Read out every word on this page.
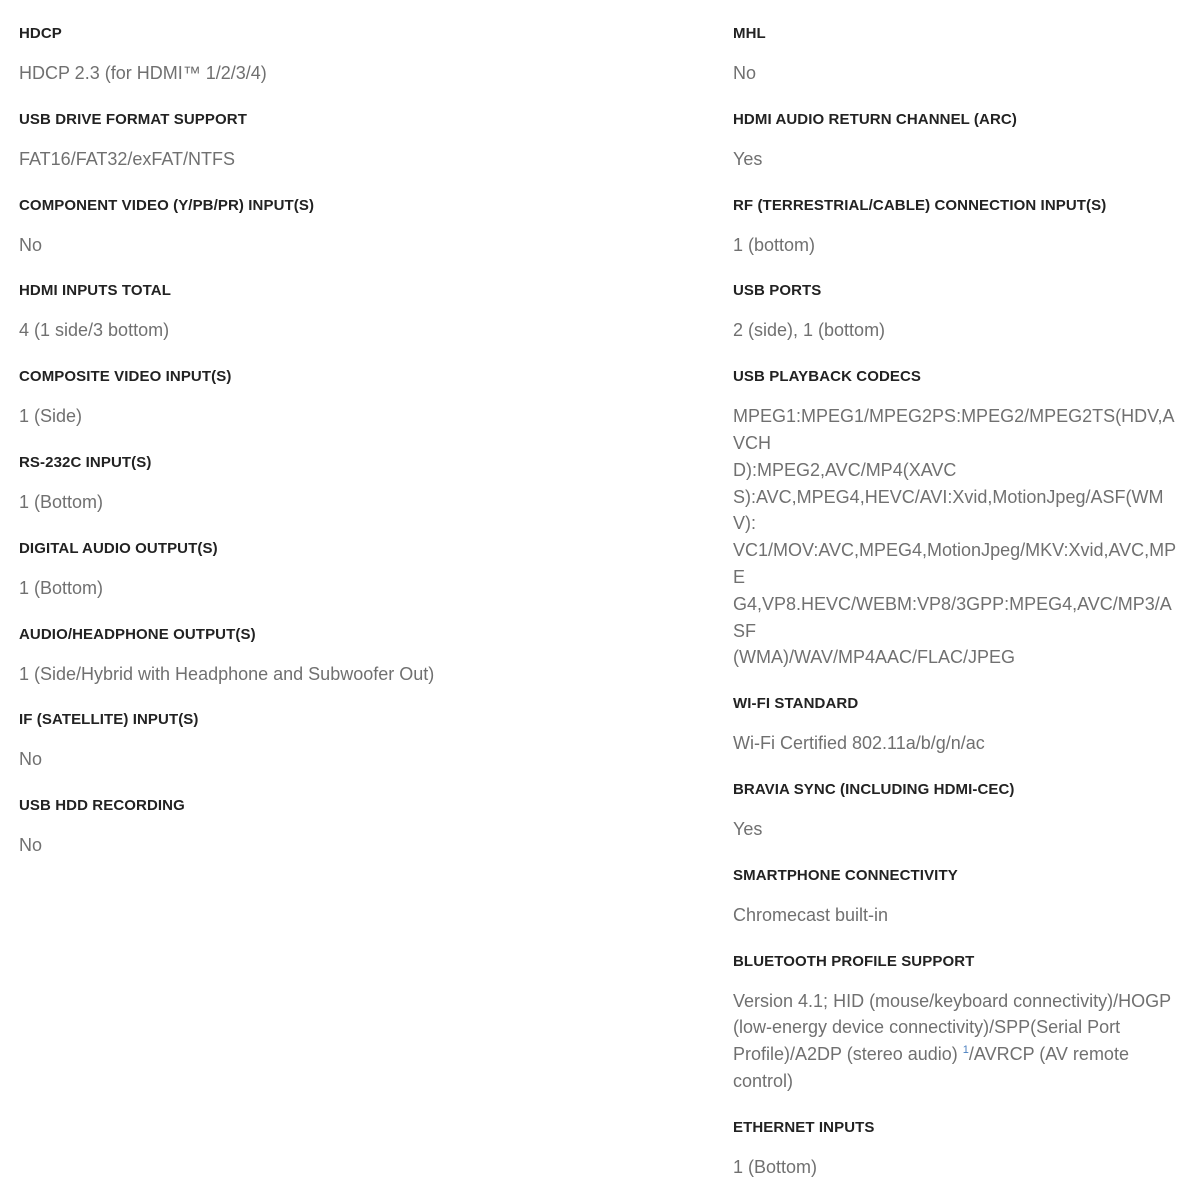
HDCP
HDCP 2.3 (for HDMI™ 1/2/3/4)
USB DRIVE FORMAT SUPPORT
FAT16/FAT32/exFAT/NTFS
COMPONENT VIDEO (Y/PB/PR) INPUT(S)
No
HDMI INPUTS TOTAL
4 (1 side/3 bottom)
COMPOSITE VIDEO INPUT(S)
1 (Side)
RS-232C INPUT(S)
1 (Bottom)
DIGITAL AUDIO OUTPUT(S)
1 (Bottom)
AUDIO/HEADPHONE OUTPUT(S)
1 (Side/Hybrid with Headphone and Subwoofer Out)
IF (SATELLITE) INPUT(S)
No
USB HDD RECORDING
No
MHL
No
HDMI AUDIO RETURN CHANNEL (ARC)
Yes
RF (TERRESTRIAL/CABLE) CONNECTION INPUT(S)
1 (bottom)
USB PORTS
2 (side), 1 (bottom)
USB PLAYBACK CODECS
MPEG1:MPEG1/MPEG2PS:MPEG2/MPEG2TS(HDV,AVCH
D):MPEG2,AVC/MP4(XAVC
S):AVC,MPEG4,HEVC/AVI:Xvid,MotionJpeg/ASF(WMV):
VC1/MOV:AVC,MPEG4,MotionJpeg/MKV:Xvid,AVC,MPE
G4,VP8.HEVC/WEBM:VP8/3GPP:MPEG4,AVC/MP3/ASF
(WMA)/WAV/MP4AAC/FLAC/JPEG
WI-FI STANDARD
Wi-Fi Certified 802.11a/b/g/n/ac
BRAVIA SYNC (INCLUDING HDMI-CEC)
Yes
SMARTPHONE CONNECTIVITY
Chromecast built-in
BLUETOOTH PROFILE SUPPORT
Version 4.1; HID (mouse/keyboard connectivity)/HOGP
(low-energy device connectivity)/SPP(Serial Port
Profile)/A2DP (stereo audio) $^1$/AVRCP (AV remote
control)
ETHERNET INPUTS
1 (Bottom)
